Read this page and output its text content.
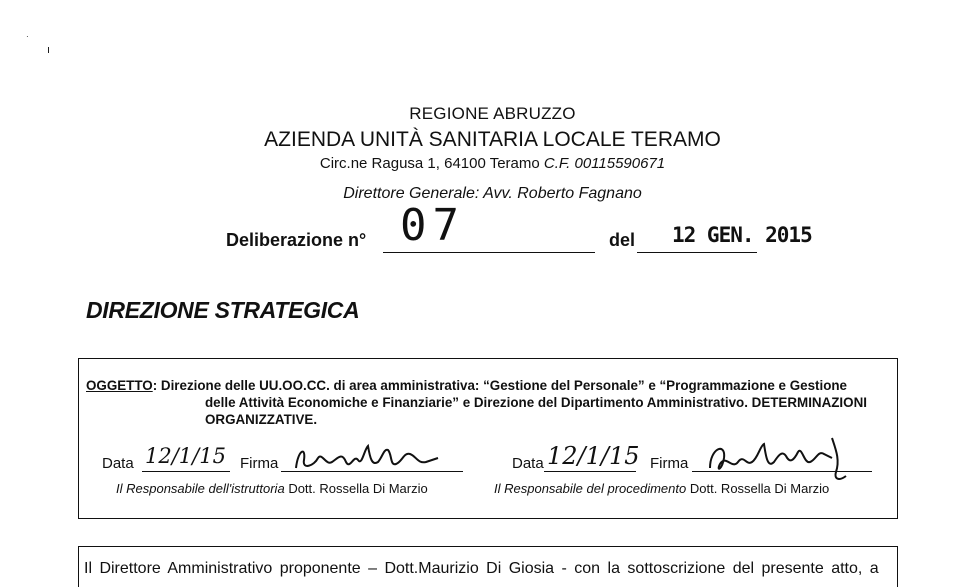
·
ı
REGIONE ABRUZZO
AZIENDA UNITÀ SANITARIA LOCALE TERAMO
Circ.ne Ragusa 1, 64100 Teramo C.F. 00115590671
Direttore Generale: Avv. Roberto Fagnano
Deliberazione n° 07	del 12 GEN. 2015
DIREZIONE STRATEGICA
OGGETTO: Direzione delle UU.OO.CC. di area amministrativa: “Gestione del Personale” e “Programmazione e Gestione
delle Attività Economiche e Finanziarie” e Direzione del Dipartimento Amministrativo. DETERMINAZIONI
ORGANIZZATIVE.
Data 12/1/15 Firma
Il Responsabile dell'istruttoria Dott. Rossella Di Marzio
Data 12/1/15 Firma
Il Responsabile del procedimento Dott. Rossella Di Marzio
Il Direttore Amministrativo proponente – Dott.Maurizio Di Giosia - con la sottoscrizione del presente atto, a
